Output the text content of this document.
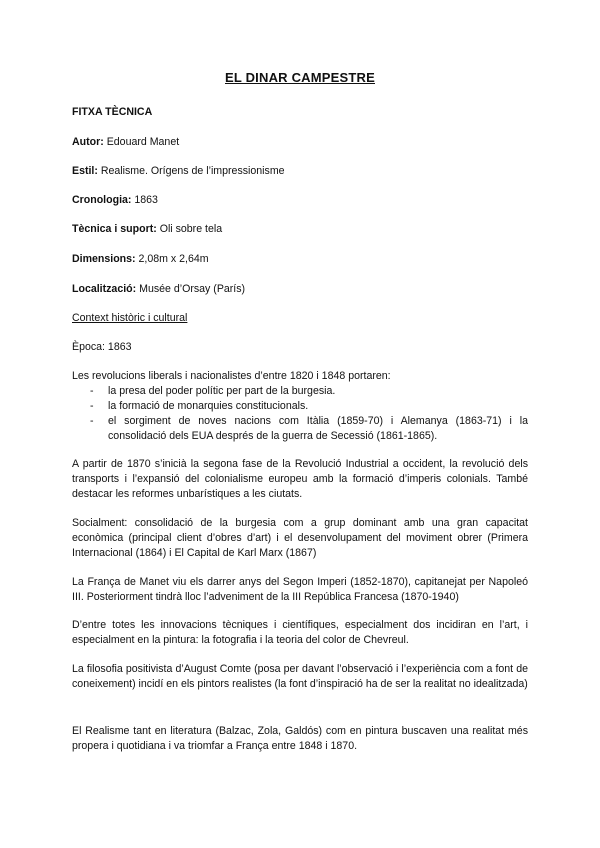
EL DINAR CAMPESTRE
FITXA TÈCNICA
Autor: Edouard Manet
Estil: Realisme. Orígens de l’impressionisme
Cronologia: 1863
Tècnica i suport: Oli sobre tela
Dimensions: 2,08m x 2,64m
Localització: Musée d’Orsay (París)
Context històric i cultural
Època: 1863
Les revolucions liberals i nacionalistes d’entre 1820 i 1848 portaren:
- la presa del poder polític per part de la burgesia.
- la formació de monarquies constitucionals.
- el sorgiment de noves nacions com Itàlia (1859-70) i Alemanya (1863-71) i la consolidació dels EUA després de la guerra de Secessió (1861-1865).
A partir de 1870 s’inicià la segona fase de la Revolució Industrial a occident, la revolució dels transports i l’expansió del colonialisme europeu amb la formació d’imperis colonials. També destacar les reformes unbarístiques a les ciutats.
Socialment: consolidació de la burgesia com a grup dominant amb una gran capacitat econòmica (principal client d’obres d’art) i el desenvolupament del moviment obrer (Primera Internacional (1864) i El Capital de Karl Marx (1867)
La França de Manet viu els darrer anys del Segon Imperi (1852-1870), capitanejat per Napoleó III. Posteriorment tindrà lloc l’adveniment de la III República Francesa (1870-1940)
D’entre totes les innovacions tècniques i científiques, especialment dos incidiran en l’art, i especialment en la pintura: la fotografia i la teoria del color de Chevreul.
La filosofia positivista d’August Comte (posa per davant l’observació i l’experiència com a font de coneixement) incidí en els pintors realistes (la font d’inspiració ha de ser la realitat no idealitzada)
El Realisme tant en literatura (Balzac, Zola, Galdós) com en pintura buscaven una realitat més propera i quotidiana i va triomfar a França entre 1848 i 1870.
